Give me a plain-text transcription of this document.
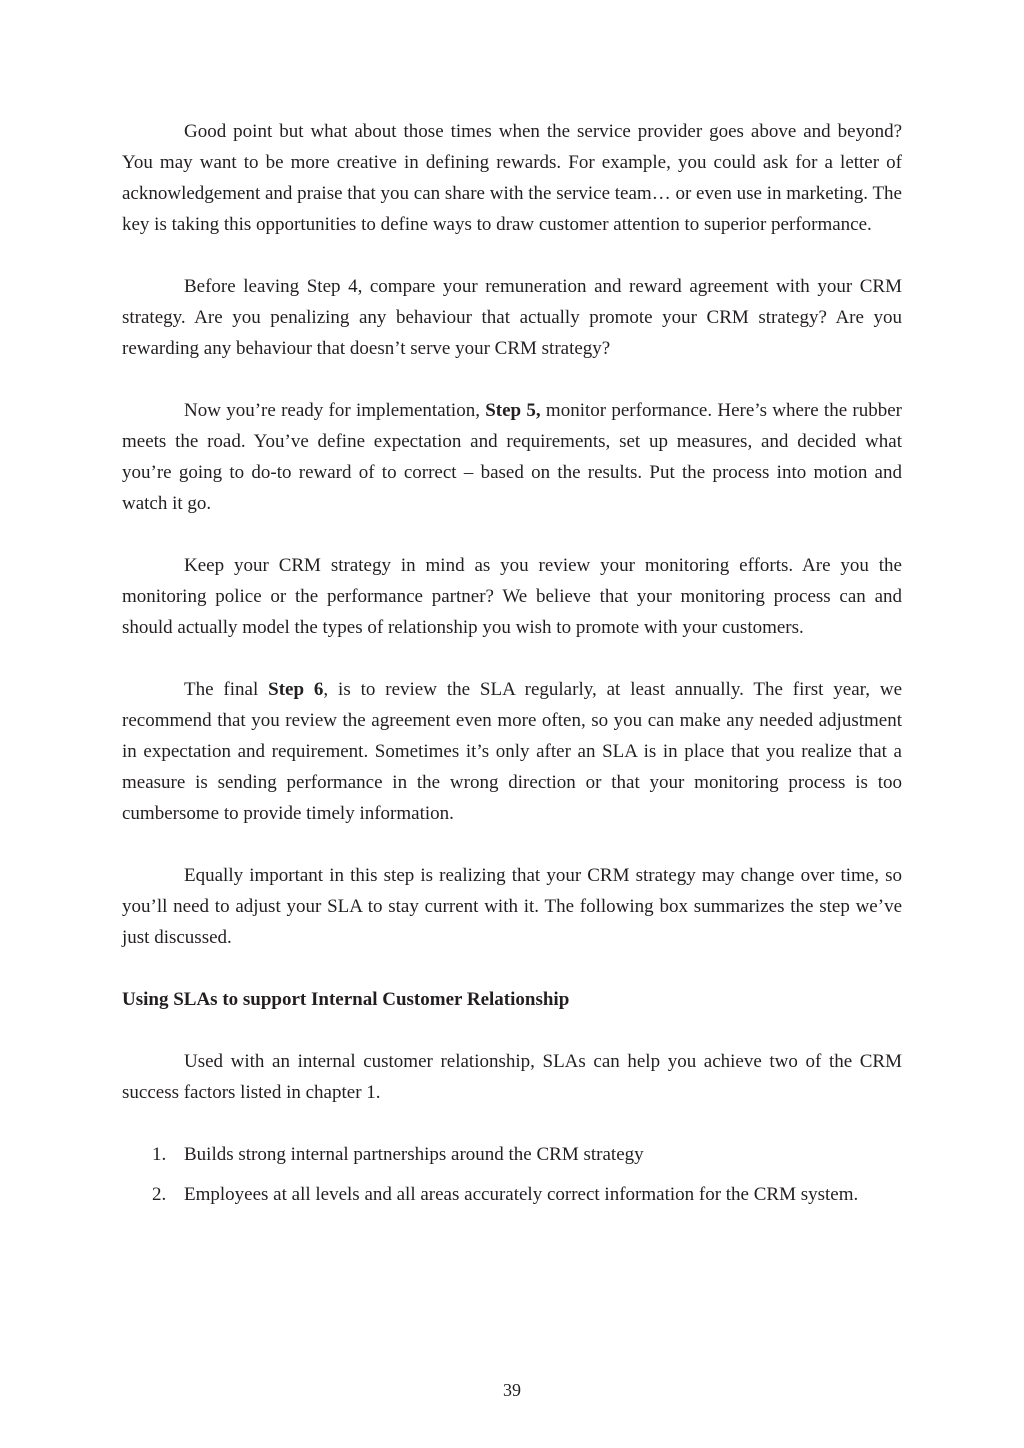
Good point but what about those times when the service provider goes above and beyond? You may want to be more creative in defining rewards. For example, you could ask for a letter of acknowledgement and praise that you can share with the service team… or even use in marketing. The key is taking this opportunities to define ways to draw customer attention to superior performance.

Before leaving Step 4, compare your remuneration and reward agreement with your CRM strategy. Are you penalizing any behaviour that actually promote your CRM strategy? Are you rewarding any behaviour that doesn’t serve your CRM strategy?

Now you’re ready for implementation, Step 5, monitor performance. Here’s where the rubber meets the road. You’ve define expectation and requirements, set up measures, and decided what you’re going to do-to reward of to correct – based on the results. Put the process into motion and watch it go.

Keep your CRM strategy in mind as you review your monitoring efforts. Are you the monitoring police or the performance partner? We believe that your monitoring process can and should actually model the types of relationship you wish to promote with your customers.

The final Step 6, is to review the SLA regularly, at least annually. The first year, we recommend that you review the agreement even more often, so you can make any needed adjustment in expectation and requirement. Sometimes it’s only after an SLA is in place that you realize that a measure is sending performance in the wrong direction or that your monitoring process is too cumbersome to provide timely information.

Equally important in this step is realizing that your CRM strategy may change over time, so you’ll need to adjust your SLA to stay current with it. The following box summarizes the step we’ve just discussed.

Using SLAs to support Internal Customer Relationship

Used with an internal customer relationship, SLAs can help you achieve two of the CRM success factors listed in chapter 1.

1. Builds strong internal partnerships around the CRM strategy
2. Employees at all levels and all areas accurately correct information for the CRM system.
39
